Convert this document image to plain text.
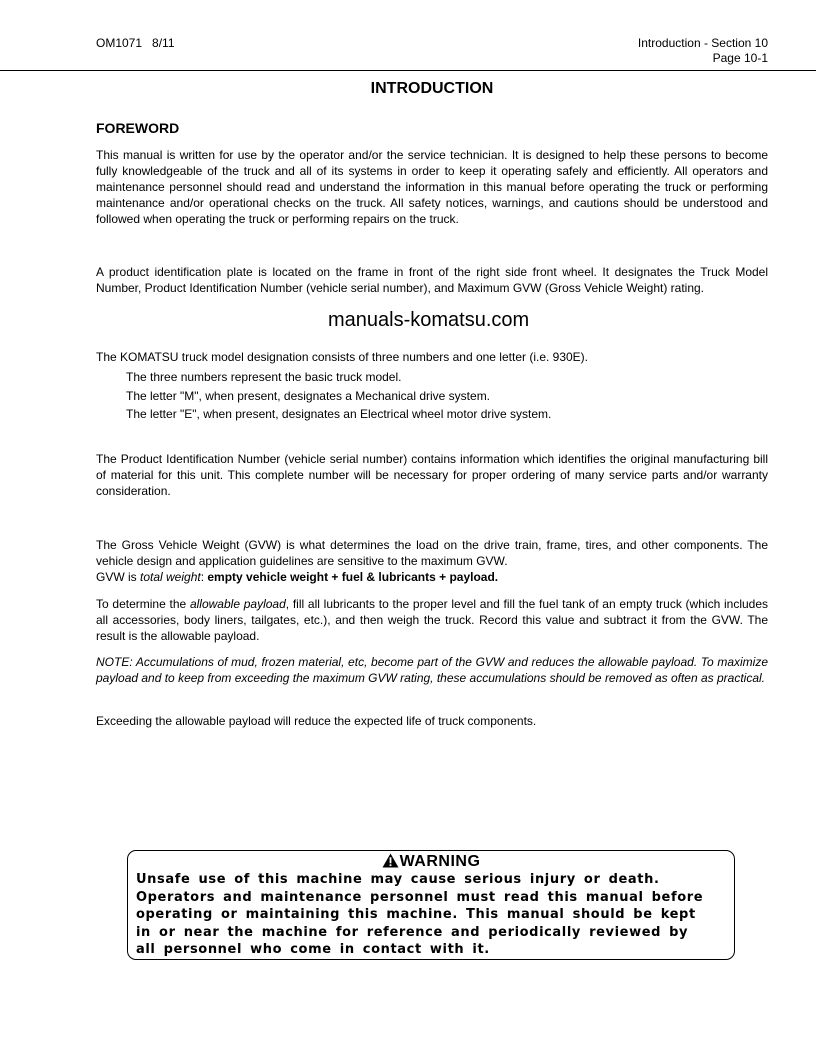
OM1071   8/11	Introduction - Section 10
Page 10-1
INTRODUCTION
FOREWORD
This manual is written for use by the operator and/or the service technician. It is designed to help these persons to become fully knowledgeable of the truck and all of its systems in order to keep it operating safely and efficiently. All operators and maintenance personnel should read and understand the information in this manual before operating the truck or performing maintenance and/or operational checks on the truck. All safety notices, warnings, and cautions should be understood and followed when operating the truck or performing repairs on the truck.
A product identification plate is located on the frame in front of the right side front wheel. It designates the Truck Model Number, Product Identification Number (vehicle serial number), and Maximum GVW (Gross Vehicle Weight) rating.
manuals-komatsu.com
The KOMATSU truck model designation consists of three numbers and one letter (i.e. 930E).
The three numbers represent the basic truck model.
The letter "M", when present, designates a Mechanical drive system.
The letter "E", when present, designates an Electrical wheel motor drive system.
The Product Identification Number (vehicle serial number) contains information which identifies the original manufacturing bill of material for this unit. This complete number will be necessary for proper ordering of many service parts and/or warranty consideration.
The Gross Vehicle Weight (GVW) is what determines the load on the drive train, frame, tires, and other components. The vehicle design and application guidelines are sensitive to the maximum GVW.
GVW is total weight: empty vehicle weight + fuel & lubricants + payload.
To determine the allowable payload, fill all lubricants to the proper level and fill the fuel tank of an empty truck (which includes all accessories, body liners, tailgates, etc.), and then weigh the truck. Record this value and subtract it from the GVW. The result is the allowable payload.
NOTE: Accumulations of mud, frozen material, etc, become part of the GVW and reduces the allowable payload. To maximize payload and to keep from exceeding the maximum GVW rating, these accumulations should be removed as often as practical.
Exceeding the allowable payload will reduce the expected life of truck components.
WARNING
Unsafe use of this machine may cause serious injury or death.
Operators and maintenance personnel must read this manual before
operating or maintaining this machine. This manual should be kept
in or near the machine for reference and periodically reviewed by
all personnel who come in contact with it.
